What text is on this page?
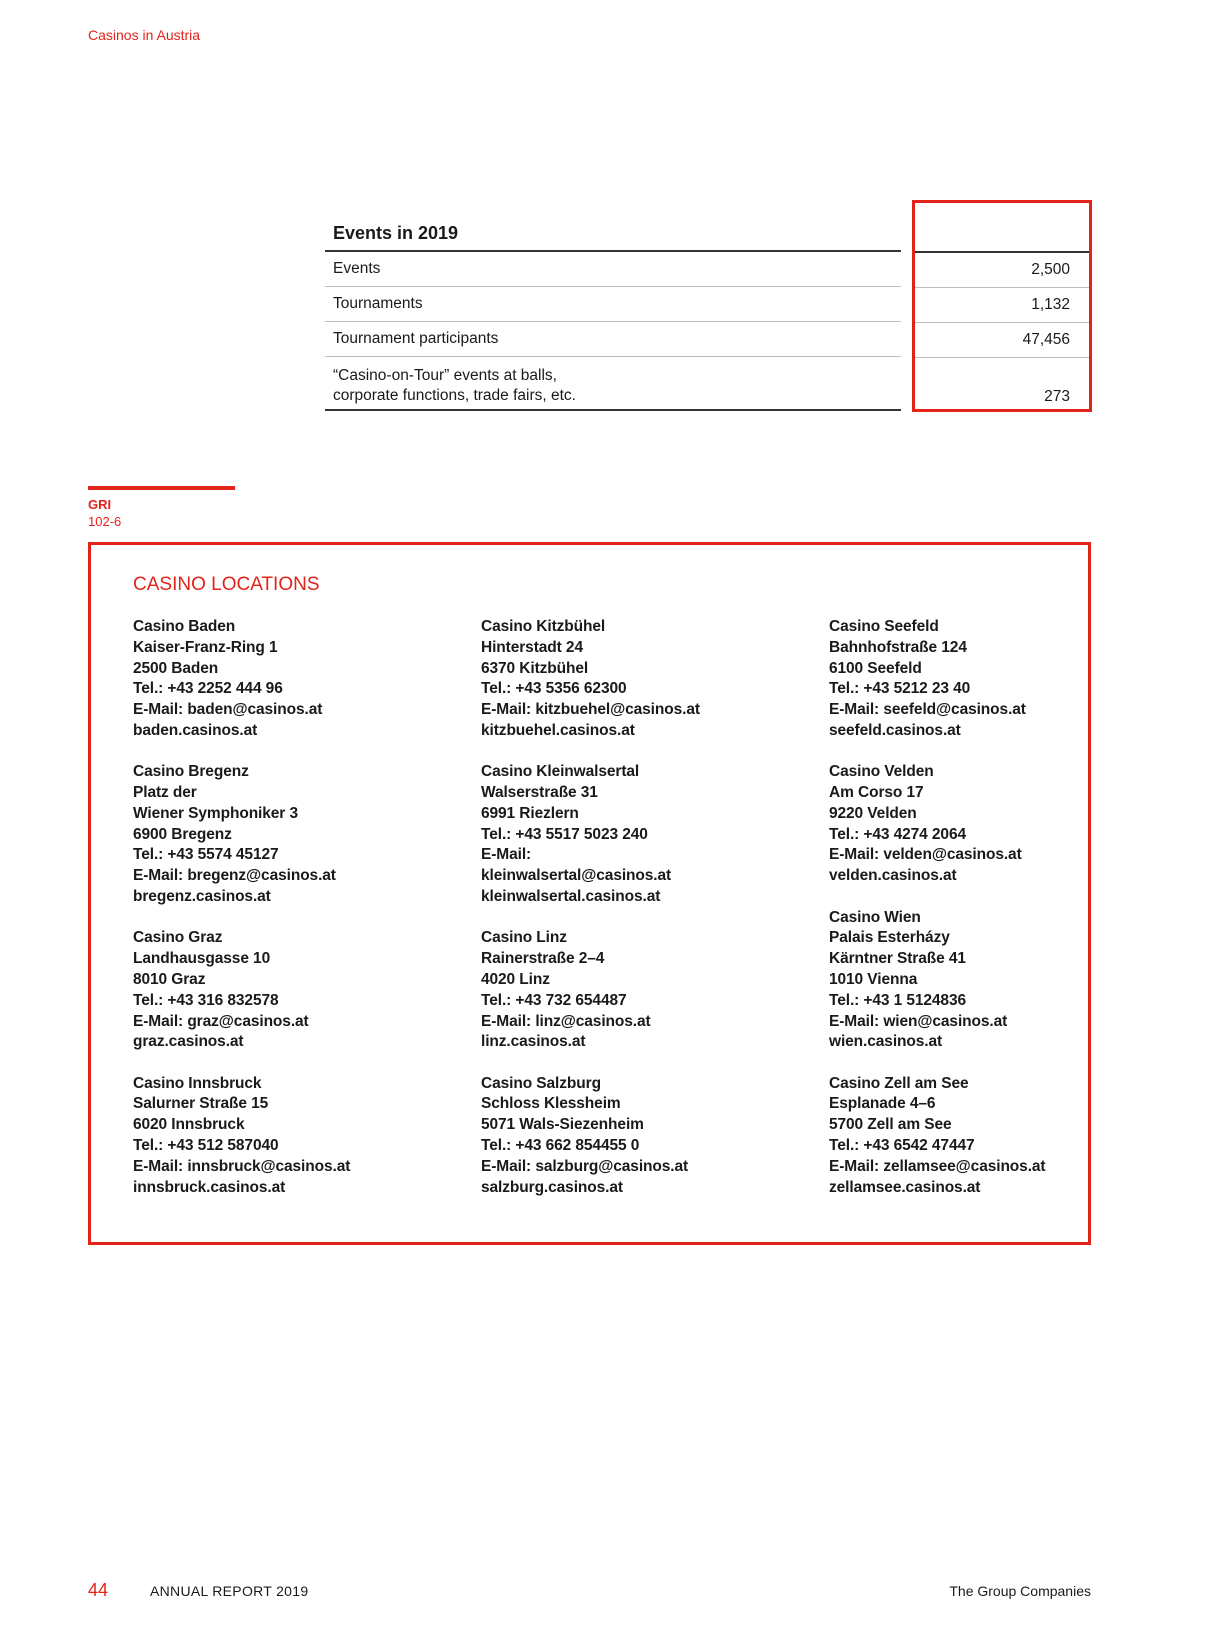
Casinos in Austria
Events in 2019
Events
Tournaments
Tournament participants
“Casino-on-Tour” events at balls,
corporate functions, trade fairs, etc.
2,500
1,132
47,456
273
GRI
102-6
CASINO LOCATIONS
Casino Baden
Kaiser-Franz-Ring 1
2500 Baden
Tel.: +43 2252 444 96
E-Mail: baden@casinos.at
baden.casinos.at
Casino Bregenz
Platz der
Wiener Symphoniker 3
6900 Bregenz
Tel.: +43 5574 45127
E-Mail: bregenz@casinos.at
bregenz.casinos.at
Casino Graz
Landhausgasse 10
8010 Graz
Tel.: +43 316 832578
E-Mail: graz@casinos.at
graz.casinos.at
Casino Innsbruck
Salurner Straße 15
6020 Innsbruck
Tel.: +43 512 587040
E-Mail: innsbruck@casinos.at
innsbruck.casinos.at
Casino Kitzbühel
Hinterstadt 24
6370 Kitzbühel
Tel.: +43 5356 62300
E-Mail: kitzbuehel@casinos.at
kitzbuehel.casinos.at
Casino Kleinwalsertal
Walserstraße 31
6991 Riezlern
Tel.: +43 5517 5023 240
E-Mail:
kleinwalsertal@casinos.at
kleinwalsertal.casinos.at
Casino Linz
Rainerstraße 2–4
4020 Linz
Tel.: +43 732 654487
E-Mail: linz@casinos.at
linz.casinos.at
Casino Salzburg
Schloss Klessheim
5071 Wals-Siezenheim
Tel.: +43 662 854455 0
E-Mail: salzburg@casinos.at
salzburg.casinos.at
Casino Seefeld
Bahnhofstraße 124
6100 Seefeld
Tel.: +43 5212 23 40
E-Mail: seefeld@casinos.at
seefeld.casinos.at
Casino Velden
Am Corso 17
9220 Velden
Tel.: +43 4274 2064
E-Mail: velden@casinos.at
velden.casinos.at
Casino Wien
Palais Esterházy
Kärntner Straße 41
1010 Vienna
Tel.: +43 1 5124836
E-Mail: wien@casinos.at
wien.casinos.at
Casino Zell am See
Esplanade 4–6
5700 Zell am See
Tel.: +43 6542 47447
E-Mail: zellamsee@casinos.at
zellamsee.casinos.at
44	ANNUAL REPORT 2019	The Group Companies
